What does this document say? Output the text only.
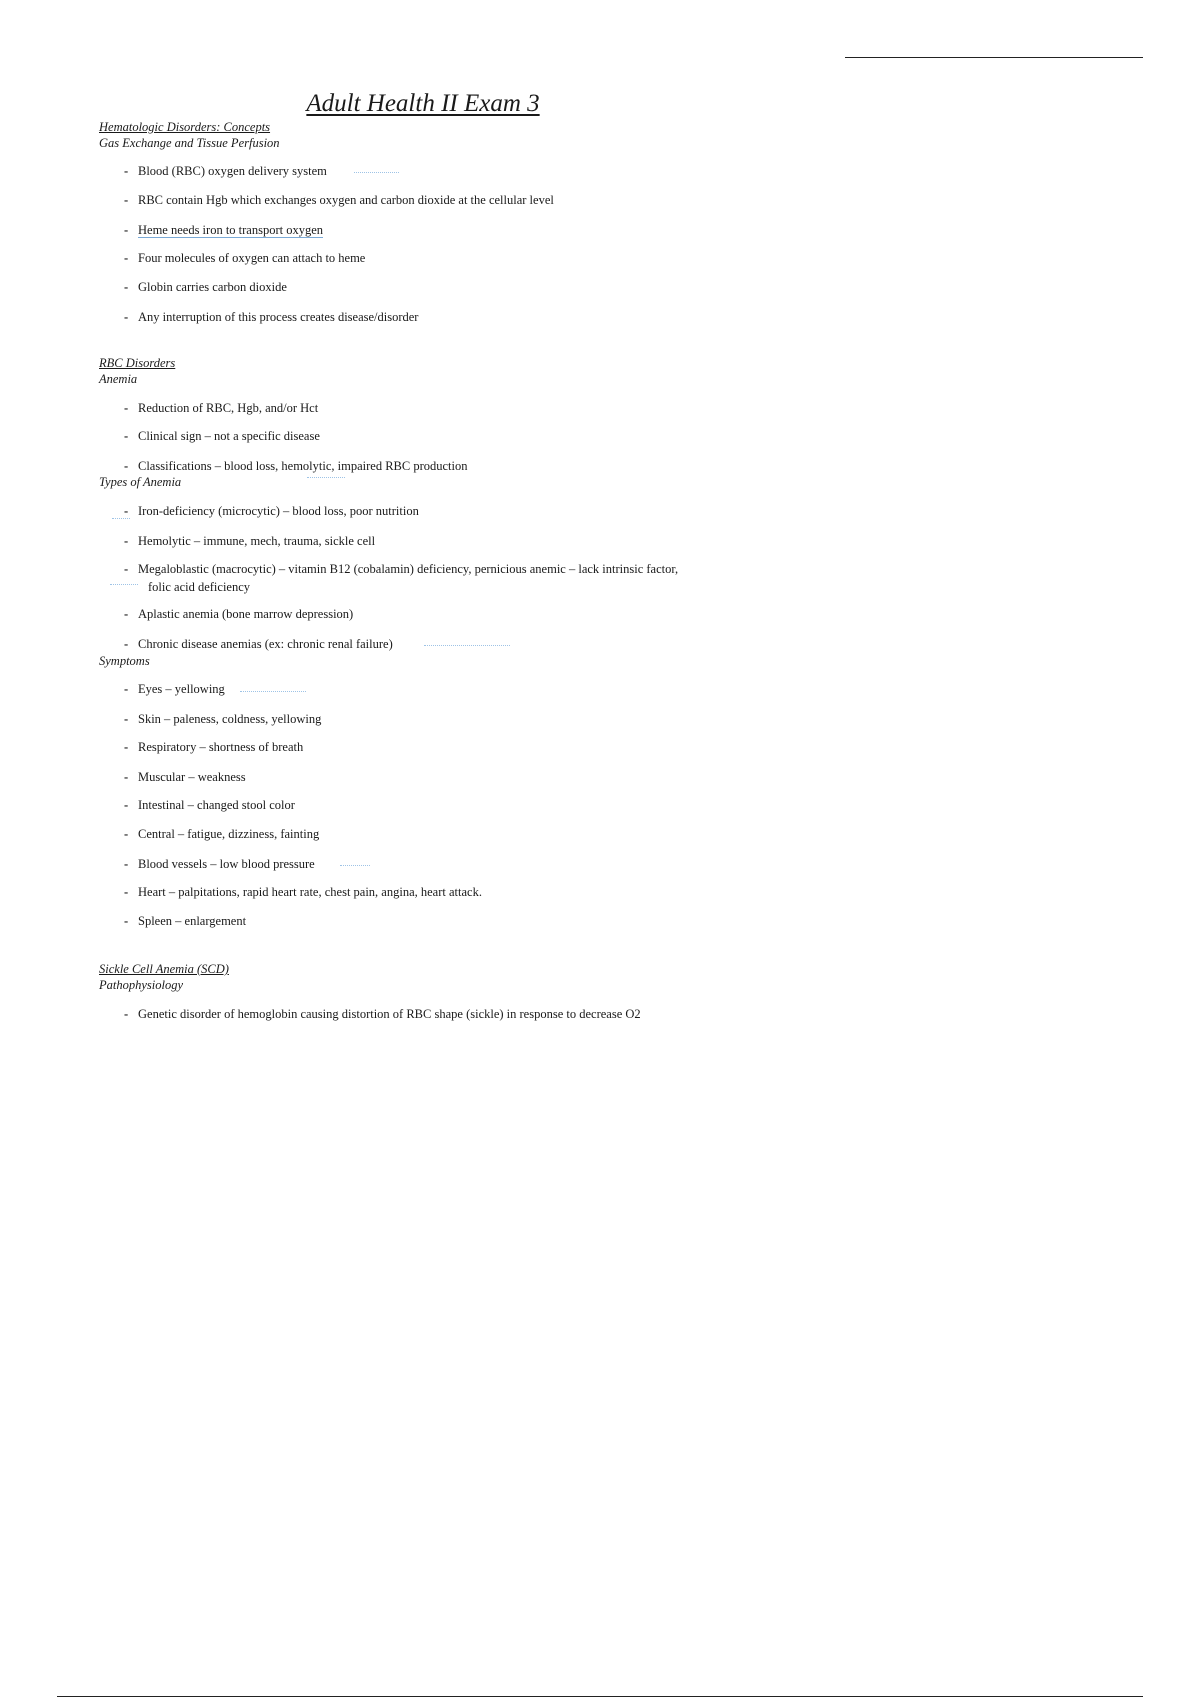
Adult Health II Exam 3
Hematologic Disorders: Concepts
Gas Exchange and Tissue Perfusion
- Blood (RBC) oxygen delivery system
- RBC contain Hgb which exchanges oxygen and carbon dioxide at the cellular level
- Heme needs iron to transport oxygen
- Four molecules of oxygen can attach to heme
- Globin carries carbon dioxide
- Any interruption of this process creates disease/disorder
RBC Disorders
Anemia
- Reduction of RBC, Hgb, and/or Hct
- Clinical sign – not a specific disease
- Classifications – blood loss, hemolytic, impaired RBC production
Types of Anemia
- Iron-deficiency (microcytic) – blood loss, poor nutrition
- Hemolytic – immune, mech, trauma, sickle cell
- Megaloblastic (macrocytic) – vitamin B12 (cobalamin) deficiency, pernicious anemic – lack intrinsic factor,
folic acid deficiency
- Aplastic anemia (bone marrow depression)
- Chronic disease anemias (ex: chronic renal failure)
Symptoms
- Eyes – yellowing
- Skin – paleness, coldness, yellowing
- Respiratory – shortness of breath
- Muscular – weakness
- Intestinal – changed stool color
- Central – fatigue, dizziness, fainting
- Blood vessels – low blood pressure
- Heart – palpitations, rapid heart rate, chest pain, angina, heart attack.
- Spleen – enlargement
Sickle Cell Anemia (SCD)
Pathophysiology
- Genetic disorder of hemoglobin causing distortion of RBC shape (sickle) in response to decrease O2
